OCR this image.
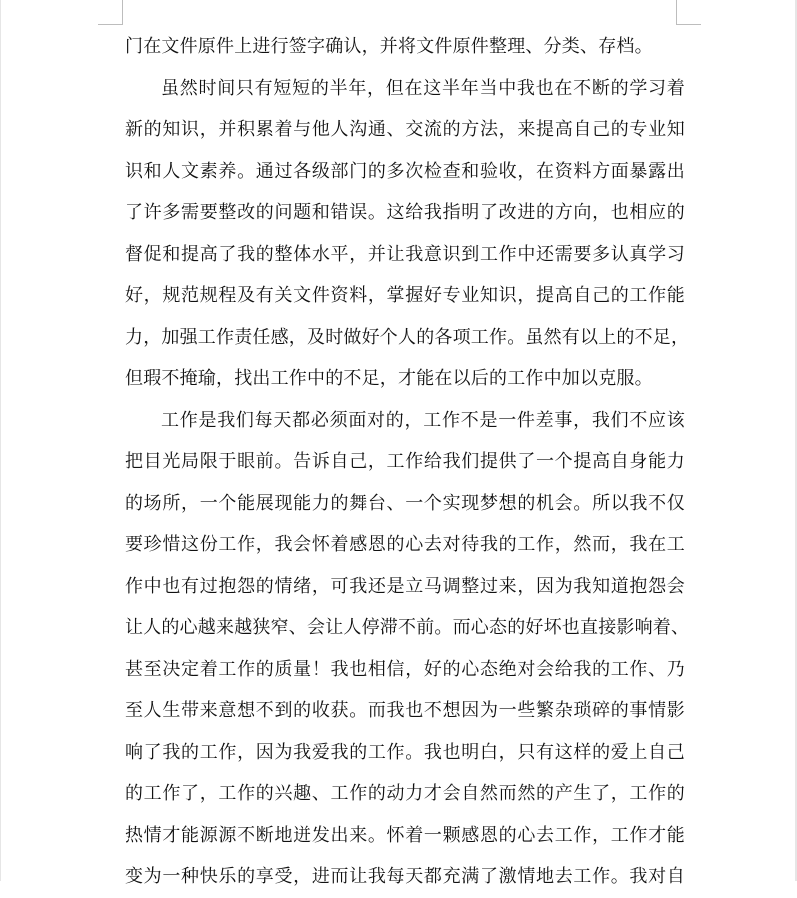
门在文件原件上进行签字确认，并将文件原件整理、分类、存档。
虽然时间只有短短的半年，但在这半年当中我也在不断的学习着
新的知识，并积累着与他人沟通、交流的方法，来提高自己的专业知
识和人文素养。通过各级部门的多次检查和验收，在资料方面暴露出
了许多需要整改的问题和错误。这给我指明了改进的方向，也相应的
督促和提高了我的整体水平，并让我意识到工作中还需要多认真学习
好，规范规程及有关文件资料，掌握好专业知识，提高自己的工作能
力，加强工作责任感，及时做好个人的各项工作。虽然有以上的不足，
但瑕不掩瑜，找出工作中的不足，才能在以后的工作中加以克服。
工作是我们每天都必须面对的，工作不是一件差事，我们不应该
把目光局限于眼前。告诉自己，工作给我们提供了一个提高自身能力
的场所，一个能展现能力的舞台、一个实现梦想的机会。所以我不仅
要珍惜这份工作，我会怀着感恩的心去对待我的工作，然而，我在工
作中也有过抱怨的情绪，可我还是立马调整过来，因为我知道抱怨会
让人的心越来越狭窄、会让人停滞不前。而心态的好坏也直接影响着、
甚至决定着工作的质量！我也相信，好的心态绝对会给我的工作、乃
至人生带来意想不到的收获。而我也不想因为一些繁杂琐碎的事情影
响了我的工作，因为我爱我的工作。我也明白，只有这样的爱上自己
的工作了，工作的兴趣、工作的动力才会自然而然的产生了，工作的
热情才能源源不断地迸发出来。怀着一颗感恩的心去工作，工作才能
变为一种快乐的享受，进而让我每天都充满了激情地去工作。我对自
